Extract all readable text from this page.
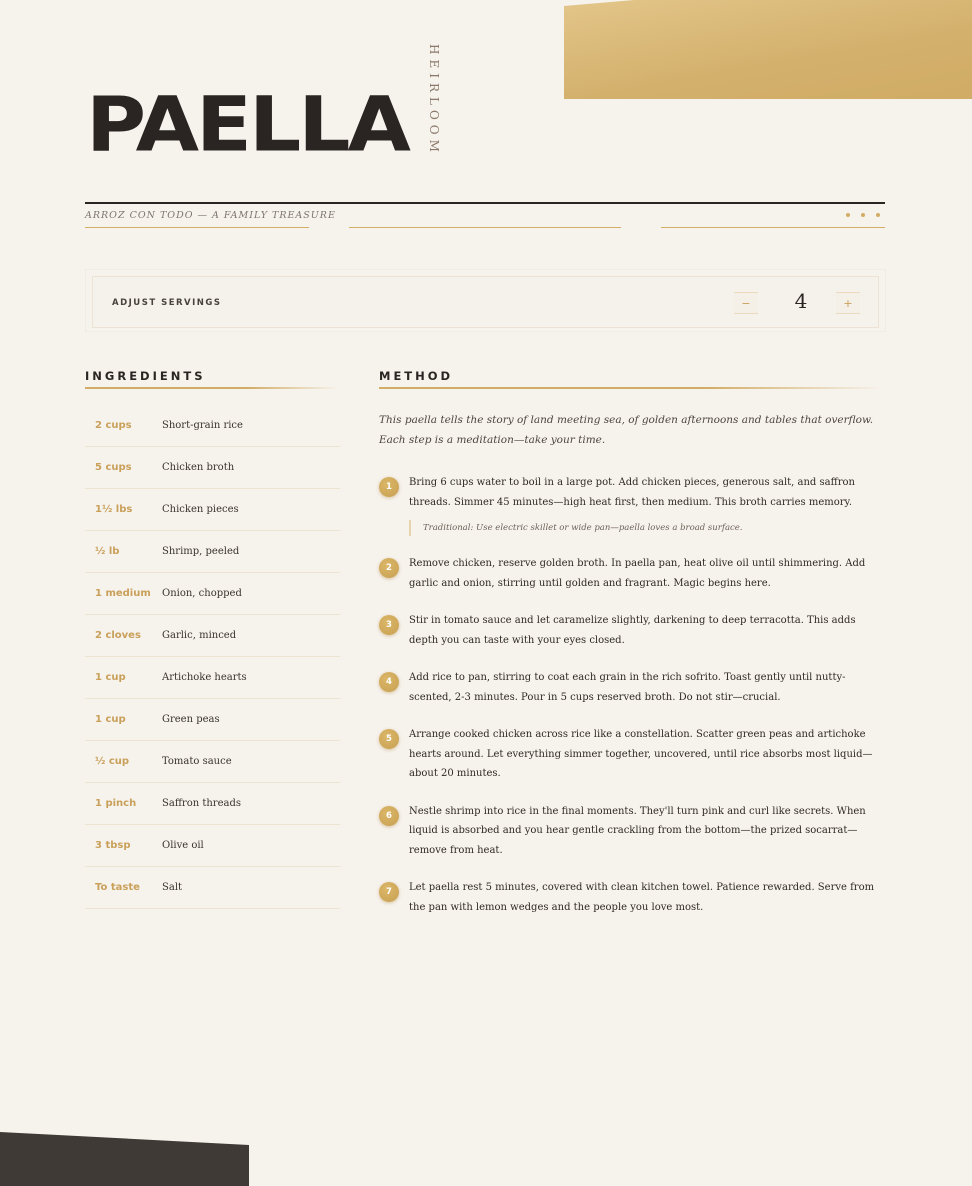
PAELLA HEIRLOOM
ARROZ CON TODO — A FAMILY TREASURE
ADJUST SERVINGS	−	4	+
INGREDIENTS
2 cups	Short-grain rice
5 cups	Chicken broth
1½ lbs	Chicken pieces
½ lb	Shrimp, peeled
1 medium	Onion, chopped
2 cloves	Garlic, minced
1 cup	Artichoke hearts
1 cup	Green peas
½ cup	Tomato sauce
1 pinch	Saffron threads
3 tbsp	Olive oil
To taste	Salt
METHOD

This paella tells the story of land meeting sea, of golden afternoons and tables that overflow. Each step is a meditation—take your time.

1	Bring 6 cups water to boil in a large pot. Add chicken pieces, generous salt, and saffron threads. Simmer 45 minutes—high heat first, then medium. This broth carries memory.

Traditional: Use electric skillet or wide pan—paella loves a broad surface.

2	Remove chicken, reserve golden broth. In paella pan, heat olive oil until shimmering. Add garlic and onion, stirring until golden and fragrant. Magic begins here.

3	Stir in tomato sauce and let caramelize slightly, darkening to deep terracotta. This adds depth you can taste with your eyes closed.

4	Add rice to pan, stirring to coat each grain in the rich sofrito. Toast gently until nutty-scented, 2-3 minutes. Pour in 5 cups reserved broth. Do not stir—crucial.

5	Arrange cooked chicken across rice like a constellation. Scatter green peas and artichoke hearts around. Let everything simmer together, uncovered, until rice absorbs most liquid—about 20 minutes.

6	Nestle shrimp into rice in the final moments. They'll turn pink and curl like secrets. When liquid is absorbed and you hear gentle crackling from the bottom—the prized socarrat—remove from heat.

7	Let paella rest 5 minutes, covered with clean kitchen towel. Patience rewarded. Serve from the pan with lemon wedges and the people you love most.
